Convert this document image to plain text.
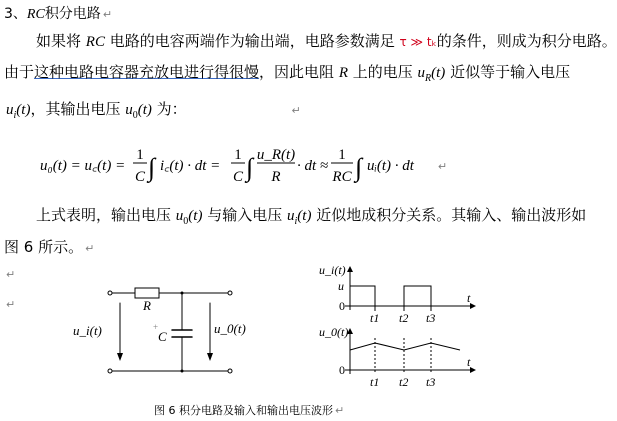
3、RC积分电路 ↵
如果将 RC 电路的电容两端作为输出端，电路参数满足 τ ≫ tₖ的条件，则成为积分电路。
由于这种电路电容器充放电进行得很慢，因此电阻 R 上的电压 $u_R(t)$ 近似等于输入电压
$u_i(t)$，其输出电压 $u_0(t)$ 为：	↵
u₀(t) = u꜀(t) =
1
C ∫ i꜀(t) · dt =
1
C ∫ u_R(t)
R
· dt ≈
1
RC ∫ uᵢ(t) · dt ↵
上式表明，输出电压 $u_0(t)$ 与输入电压 $u_i(t)$ 近似地成积分关系。其输入、输出波形如
图 6 所示。 ↵
↵
↵	R
C
+
u_i(t)	u_0(t)
u_i(t)
u
0
t
t1 t2 t3
u_0(t)
0
t
t1 t2 t3
图 6 积分电路及输入和输出电压波形 ↵
